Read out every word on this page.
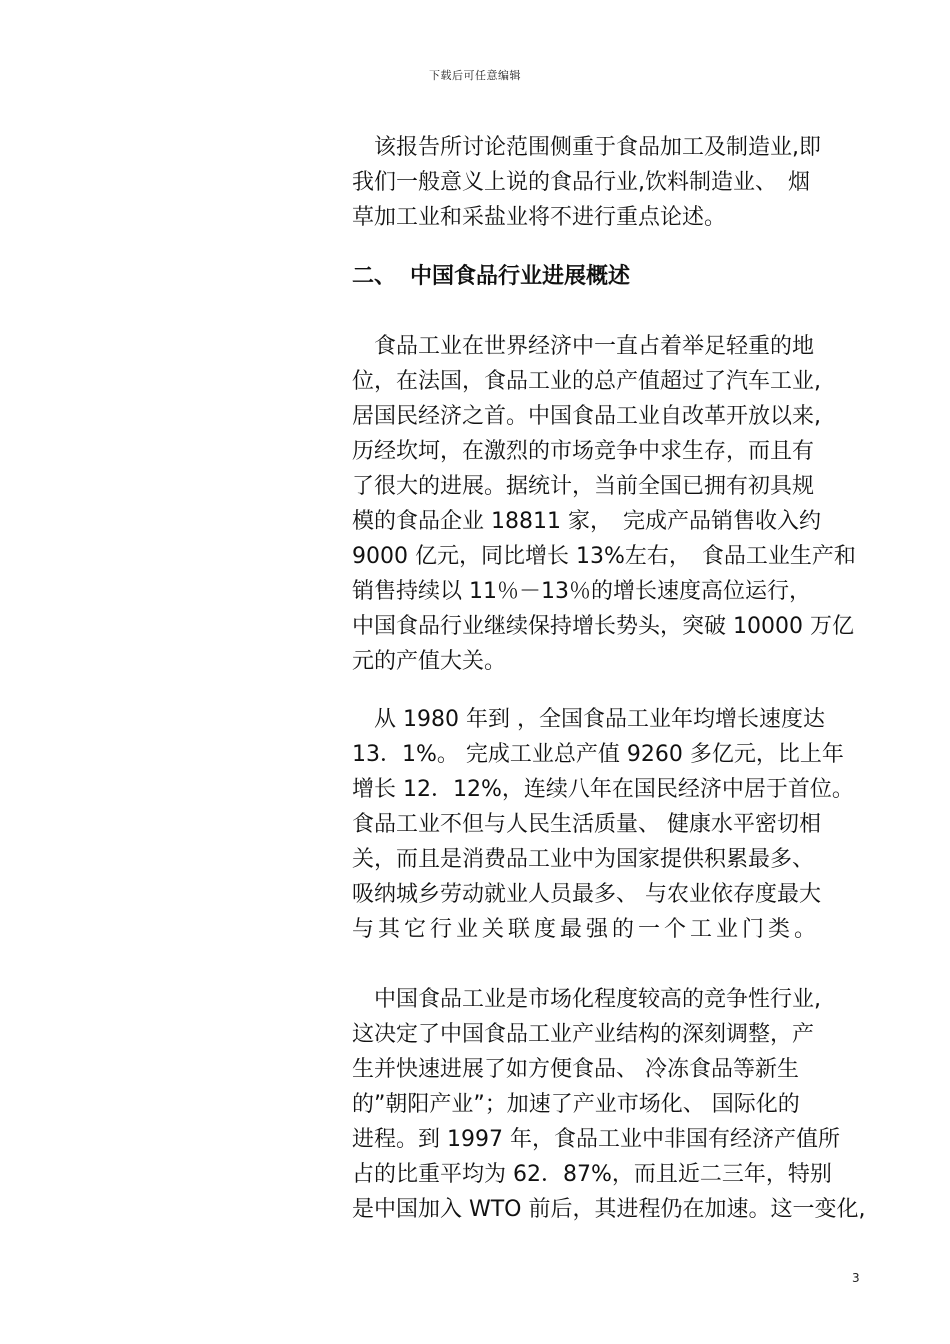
下载后可任意编辑
　该报告所讨论范围侧重于食品加工及制造业,即
我们一般意义上说的食品行业,饮料制造业、　烟
草加工业和采盐业将不进行重点论述。
二、 中国食品行业进展概述
　食品工业在世界经济中一直占着举足轻重的地
位，在法国，食品工业的总产值超过了汽车工业,
居国民经济之首。中国食品工业自改革开放以来,
历经坎坷，在激烈的市场竞争中求生存，而且有
了很大的进展。据统计，当前全国已拥有初具规
模的食品企业 18811 家，　完成产品销售收入约
9000 亿元，同比增长 13%左右，　食品工业生产和
销售持续以 11％－13％的增长速度高位运行，
中国食品行业继续保持增长势头，突破 10000 万亿
元的产值大关。
　从 1980 年到 ，全国食品工业年均增长速度达
13．1%。 完成工业总产值 9260 多亿元，比上年
增长 12．12%，连续八年在国民经济中居于首位。
食品工业不但与人民生活质量、 健康水平密切相
关，而且是消费品工业中为国家提供积累最多、
吸纳城乡劳动就业人员最多、 与农业依存度最大
与其它行业关联度最强的一个工业门类。
　中国食品工业是市场化程度较高的竞争性行业,
这决定了中国食品工业产业结构的深刻调整，产
生并快速进展了如方便食品、 冷冻食品等新生
的”朝阳产业”；加速了产业市场化、 国际化的
进程。到 1997 年，食品工业中非国有经济产值所
占的比重平均为 62．87%，而且近二三年，特别
是中国加入 WTO 前后，其进程仍在加速。这一变化,
3
